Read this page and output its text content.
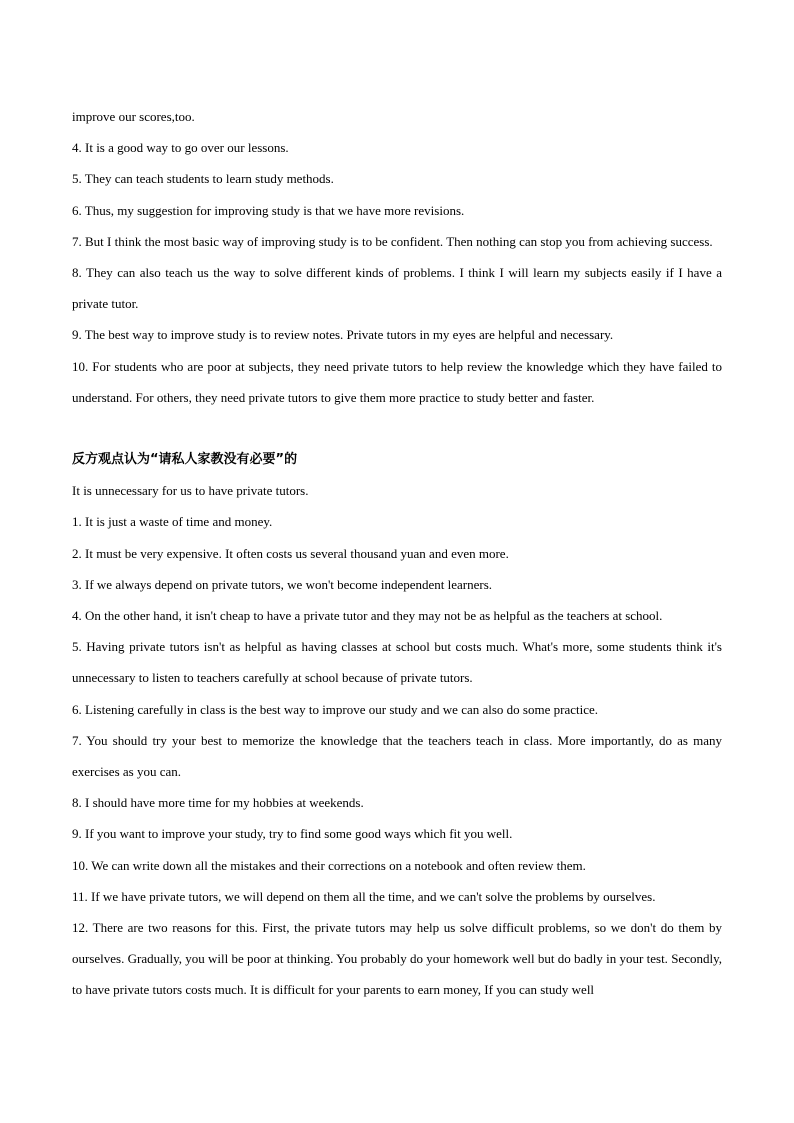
improve our scores,too.

4. It is a good way to go over our lessons.

5. They can teach students to learn study methods.

6. Thus, my suggestion for improving study is that we have more revisions.

7. But I think the most basic way of improving study is to be confident. Then nothing can stop you from achieving success.

8. They can also teach us the way to solve different kinds of problems. I think I will learn my subjects easily if I have a private tutor.

9. The best way to improve study is to review notes. Private tutors in my eyes are helpful and necessary.

10. For students who are poor at subjects, they need private tutors to help review the knowledge which they have failed to understand. For others, they need private tutors to give them more practice to study better and faster.

反方观点认为“请私人家教没有必要”的

It is unnecessary for us to have private tutors.

1. It is just a waste of time and money.

2. It must be very expensive. It often costs us several thousand yuan and even more.

3. If we always depend on private tutors, we won't become independent learners.

4. On the other hand, it isn't cheap to have a private tutor and they may not be as helpful as the teachers at school.

5. Having private tutors isn't as helpful as having classes at school but costs much. What's more, some students think it's unnecessary to listen to teachers carefully at school because of private tutors.

6. Listening carefully in class is the best way to improve our study and we can also do some practice.

7. You should try your best to memorize the knowledge that the teachers teach in class. More importantly, do as many exercises as you can.

8. I should have more time for my hobbies at weekends.

9. If you want to improve your study, try to find some good ways which fit you well.

10. We can write down all the mistakes and their corrections on a notebook and often review them.

11. If we have private tutors, we will depend on them all the time, and we can't solve the problems by ourselves.

12. There are two reasons for this. First, the private tutors may help us solve difficult problems, so we don't do them by ourselves. Gradually, you will be poor at thinking. You probably do your homework well but do badly in your test. Secondly, to have private tutors costs much. It is difficult for your parents to earn money, If you can study well
